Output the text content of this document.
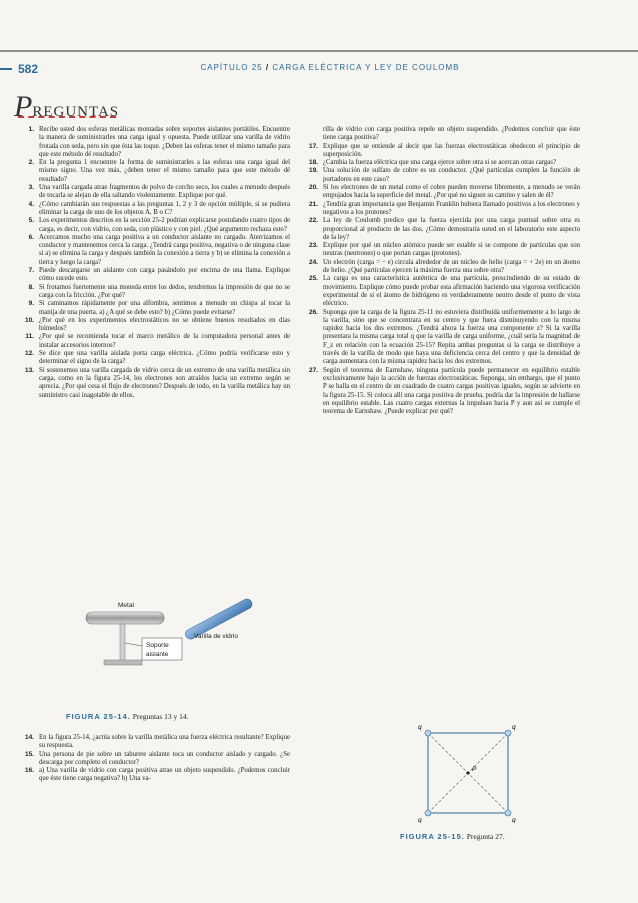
582	CAPÍTULO 25 / CARGA ELÉCTRICA Y LEY DE COULOMB
PREGUNTAS
1. Recibe usted dos esferas metálicas montadas sobre soportes aislantes portátiles. Encuentre la manera de suministrarles una carga igual y opuesta. Puede utilizar una varilla de vidrio frotada con seda, pero sin que ésta las toque. ¿Deben las esferas tener el mismo tamaño para que este método dé resultado?
2. En la pregunta 1 encuentre la forma de suministrarles a las esferas una carga igual del mismo signo. Una vez más, ¿deben tener el mismo tamaño para que este método dé resultado?
3. Una varilla cargada atrae fragmentos de polvo de corcho seco, los cuales a menudo después de tocarla se alejan de ella saltando violentamente. Explique por qué.
4. ¿Cómo cambiarán sus respuestas a las preguntas 1, 2 y 3 de opción múltiple, si se pudiera eliminar la carga de uno de los objetos A, B o C?
5. Los experimentos descritos en la sección 25-2 podrían explicarse postulando cuatro tipos de carga, es decir, con vidrio, con seda, con plástico y con piel. ¿Qué argumento rechaza esto?
6. Acercamos mucho una carga positiva a un conductor aislante no cargado. Aterrizamos el conductor y mantenemos cerca la carga. ¿Tendrá carga positiva, negativa o de ninguna clase si a) se elimina la carga y después también la conexión a tierra y b) se elimina la conexión a tierra y luego la carga?
7. Puede descargarse un aislante con carga pasándolo por encima de una llama. Explique cómo sucede esto.
8. Si frotamos fuertemente una moneda entre los dedos, tendremos la impresión de que no se carga con la fricción. ¿Por qué?
9. Si caminamos rápidamente por una alfombra, sentimos a menudo un chispa al tocar la manija de una puerta. a) ¿A qué se debe esto? b) ¿Cómo puede evitarse?
10. ¿Por qué en los experimentos electrostáticos no se obtiene buenos resultados en días húmedos?
11. ¿Por qué se recomienda tocar el marco metálico de la computadora personal antes de instalar accesorios internos?
12. Se dice que una varilla aislada porta carga eléctrica. ¿Cómo podría verificarse esto y determinar el signo de la carga?
13. Si sostenemos una varilla cargada de vidrio cerca de un extremo de una varilla metálica sin carga, como en la figura 25-14, los electrones son atraídos hacia un extremo según se aprecia. ¿Por qué cesa el flujo de electrones? Después de todo, en la varilla metálica hay un suministro casi inagotable de ellos.
Metal
Varilla de vidrio
Soporte
aislante
FIGURA 25-14. Preguntas 13 y 14.
14. En la figura 25-14, ¿actúa sobre la varilla metálica una fuerza eléctrica resultante? Explique su respuesta.
15. Una persona de pie sobre un taburete aislante toca un conductor aislado y cargado. ¿Se descarga por completo el conductor?
16. a) Una varilla de vidrio con carga positiva atrae un objeto suspendido. ¿Podemos concluir que éste tiene carga negativa? b) Una va-
rilla de vidrio con carga positiva repele un objeto suspendido. ¿Podemos concluir que éste tiene carga positiva?
17. Explique que se entiende al decir que las fuerzas electrostáticas obedecen el principio de superposición.
18. ¿Cambia la fuerza eléctrica que una carga ejerce sobre otra si se acercan otras cargas?
19. Una solución de sulfato de cobre es un conductor. ¿Qué partículas cumplen la función de portadores en este caso?
20. Si los electrones de un metal como el cobre pueden moverse libremente, a menudo se verán empujados hacia la superficie del metal. ¿Por qué no siguen su camino y salen de él?
21. ¿Tendría gran importancia que Benjamin Franklin hubiera llamado positivos a los electrones y negativos a los protones?
22. La ley de Coulomb predice que la fuerza ejercida por una carga puntual sobre otra es proporcional al producto de las dos. ¿Cómo demostraría usted en el laboratorio este aspecto de la ley?
23. Explique por qué un núcleo atómico puede ser estable si se compone de partículas que son neutras (neutrones) o que portan cargas (protones).
24. Un electrón (carga = − e) circula alrededor de un núcleo de helio (carga = + 2e) en un átomo de helio. ¿Qué partículas ejercen la máxima fuerza una sobre otra?
25. La carga es una característica auténtica de una partícula, prescindiendo de su estado de movimiento. Explique cómo puede probar esta afirmación haciendo una vigorosa verificación experimental de si el átomo de hidrógeno es verdaderamente neutro desde el punto de vista eléctrico.
26. Suponga que la carga de la figura 25-11 no estuviera distribuida uniformemente a lo largo de la varilla, sino que se concentrara en su centro y que fuera disminuyendo con la misma rapidez hacia los dos extremos. ¿Tendrá ahora la fuerza una componente z? Si la varilla presentara la misma carga total q que la varilla de carga uniforme, ¿cuál sería la magnitud de F_z en relación con la ecuación 25-15? Repita ambas preguntas si la carga se distribuye a través de la varilla de modo que haya una deficiencia cerca del centro y que la densidad de carga aumentara con la misma rapidez hacia los dos extremos.
27. Según el teorema de Earnshaw, ninguna partícula puede permanecer en equilibrio estable exclusivamente bajo la acción de fuerzas electrostáticas. Suponga, sin embargo, que el punto P se halla en el centro de un cuadrado de cuatro cargas positivas iguales, según se advierte en la figura 25-15. Si coloca allí una carga positiva de prueba, podría dar la impresión de hallarse en equilibrio estable. Las cuatro cargas externas la impulsan hacia P y aun así se cumple el teorema de Earnshaw. ¿Puede explicar por qué?
q	q
q	q
P
FIGURA 25-15. Pregunta 27.
